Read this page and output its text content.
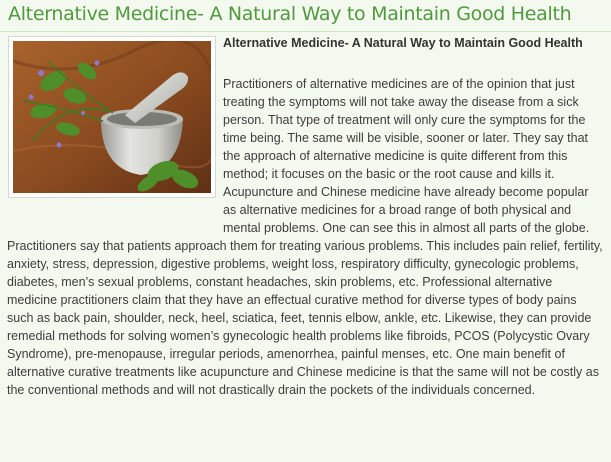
Alternative Medicine- A Natural Way to Maintain Good Health
Alternative Medicine- A Natural Way to Maintain Good Health

Practitioners of alternative medicines are of the opinion that just treating the symptoms will not take away the disease from a sick person. That type of treatment will only cure the symptoms for the time being. The same will be visible, sooner or later. They say that the approach of alternative medicine is quite different from this method; it focuses on the basic or the root cause and kills it. Acupuncture and Chinese medicine have already become popular as alternative medicines for a broad range of both physical and mental problems. One can see this in almost all parts of the globe. Practitioners say that patients approach them for treating various problems. This includes pain relief, fertility, anxiety, stress, depression, digestive problems, weight loss, respiratory difficulty, gynecologic problems, diabetes, men’s sexual problems, constant headaches, skin problems, etc. Professional alternative medicine practitioners claim that they have an effectual curative method for diverse types of body pains such as back pain, shoulder, neck, heel, sciatica, feet, tennis elbow, ankle, etc. Likewise, they can provide remedial methods for solving women’s gynecologic health problems like fibroids, PCOS (Polycystic Ovary Syndrome), pre-menopause, irregular periods, amenorrhea, painful menses, etc. One main benefit of alternative curative treatments like acupuncture and Chinese medicine is that the same will not be costly as the conventional methods and will not drastically drain the pockets of the individuals concerned.
